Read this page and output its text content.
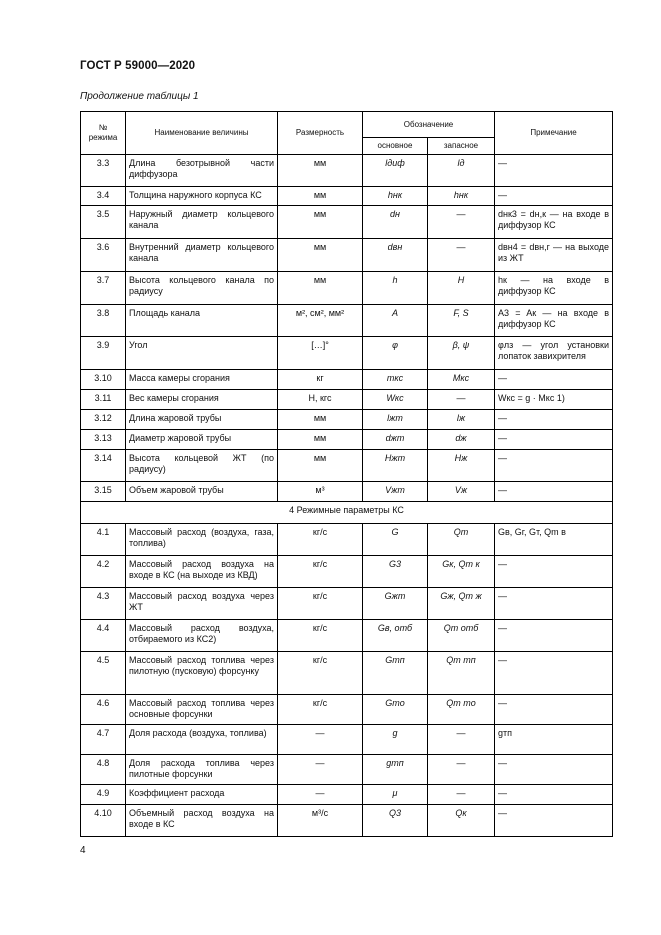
ГОСТ Р 59000—2020
Продолжение таблицы 1
№ режима	Наименование величины	Размерность	Обозначение		Примечание
			основное	запасное	
3.3	Длина безотрывной части диффузора	мм	lдиф	lд	—
3.4	Толщина наружного корпуса КС	мм	hнк	hнк	—
3.5	Наружный диаметр кольцевого канала	мм	dн	—	dнк3 = dн,к — на входе в диффузор КС
3.6	Внутренний диаметр кольцевого канала	мм	dвн	—	dвн4 = dвн,г — на выходе из ЖТ
3.7	Высота кольцевого канала по радиусу	мм	h	H	hк — на входе в диффузор КС
3.8	Площадь канала	м², см², мм²	A	F, S	A3 = Aк — на входе в диффузор КС
3.9	Угол	[…]°	φ	β, ψ	φлз — угол установки лопаток завихрителя
3.10	Масса камеры сгорания	кг	mкс	Mкс	—
3.11	Вес камеры сгорания	Н, кгс	Wкс	—	Wкс = g · Mкс 1)
3.12	Длина жаровой трубы	мм	lжт	lж	—
3.13	Диаметр жаровой трубы	мм	dжт	dж	—
3.14	Высота кольцевой ЖТ (по радиусу)	мм	Hжт	Hж	—
3.15	Объем жаровой трубы	м³	Vжт	Vж	—
4 Режимные параметры КС					
4.1	Массовый расход (воздуха, газа, топлива)	кг/с	G	Qm	Gв, Gг, Gт, Qm в
4.2	Массовый расход воздуха на входе в КС (на выходе из КВД)	кг/с	G3	Gк, Qm к	—
4.3	Массовый расход воздуха через ЖТ	кг/с	Gжт	Gж, Qm ж	—
4.4	Массовый расход воздуха, отбираемого из КС2)	кг/с	Gв, отб	Qm отб	—
4.5	Массовый расход топлива через пилотную (пусковую) форсунку	кг/с	Gтп	Qm тп	—
4.6	Массовый расход топлива через основные форсунки	кг/с	Gто	Qm то	—
4.7	Доля расхода (воздуха, топлива)	—	g	—	gтп
4.8	Доля расхода топлива через пилотные форсунки	—	gтп	—	—
4.9	Коэффициент расхода	—	μ	—	—
4.10	Объемный расход воздуха на входе в КС	м³/с	Q3	Qк	—
4
